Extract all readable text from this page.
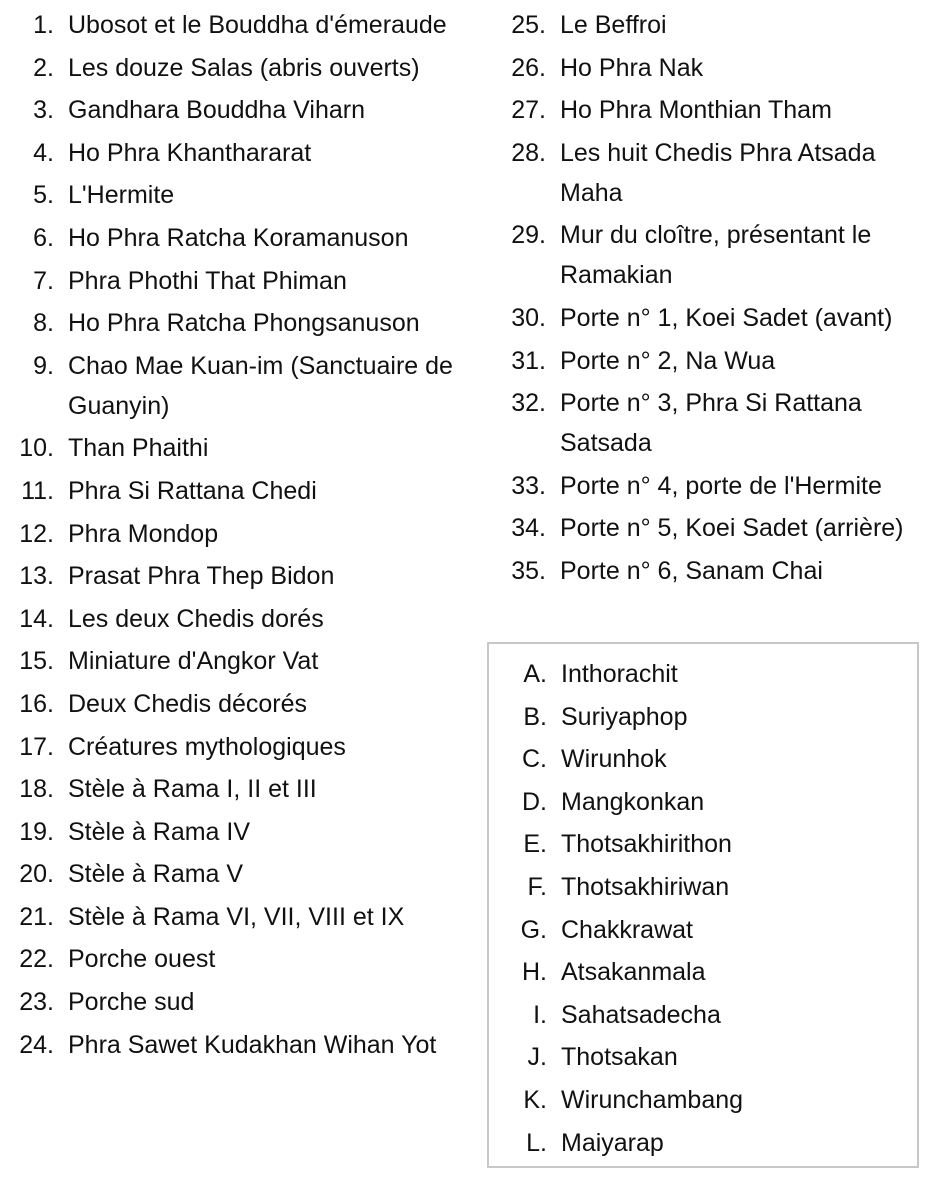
1. Ubosot et le Bouddha d'émeraude
2. Les douze Salas (abris ouverts)
3. Gandhara Bouddha Viharn
4. Ho Phra Khanthararat
5. L'Hermite
6. Ho Phra Ratcha Koramanuson
7. Phra Phothi That Phiman
8. Ho Phra Ratcha Phongsanuson
9. Chao Mae Kuan-im (Sanctuaire de Guanyin)
10. Than Phaithi
11. Phra Si Rattana Chedi
12. Phra Mondop
13. Prasat Phra Thep Bidon
14. Les deux Chedis dorés
15. Miniature d'Angkor Vat
16. Deux Chedis décorés
17. Créatures mythologiques
18. Stèle à Rama I, II et III
19. Stèle à Rama IV
20. Stèle à Rama V
21. Stèle à Rama VI, VII, VIII et IX
22. Porche ouest
23. Porche sud
24. Phra Sawet Kudakhan Wihan Yot
25. Le Beffroi
26. Ho Phra Nak
27. Ho Phra Monthian Tham
28. Les huit Chedis Phra Atsada Maha
29. Mur du cloître, présentant le Ramakian
30. Porte n° 1, Koei Sadet (avant)
31. Porte n° 2, Na Wua
32. Porte n° 3, Phra Si Rattana Satsada
33. Porte n° 4, porte de l'Hermite
34. Porte n° 5, Koei Sadet (arrière)
35. Porte n° 6, Sanam Chai
A. Inthorachit
B. Suriyaphop
C. Wirunhok
D. Mangkonkan
E. Thotsakhirithon
F. Thotsakhiriwan
G. Chakkrawat
H. Atsakanmala
I. Sahatsadecha
J. Thotsakan
K. Wirunchambang
L. Maiyarap
